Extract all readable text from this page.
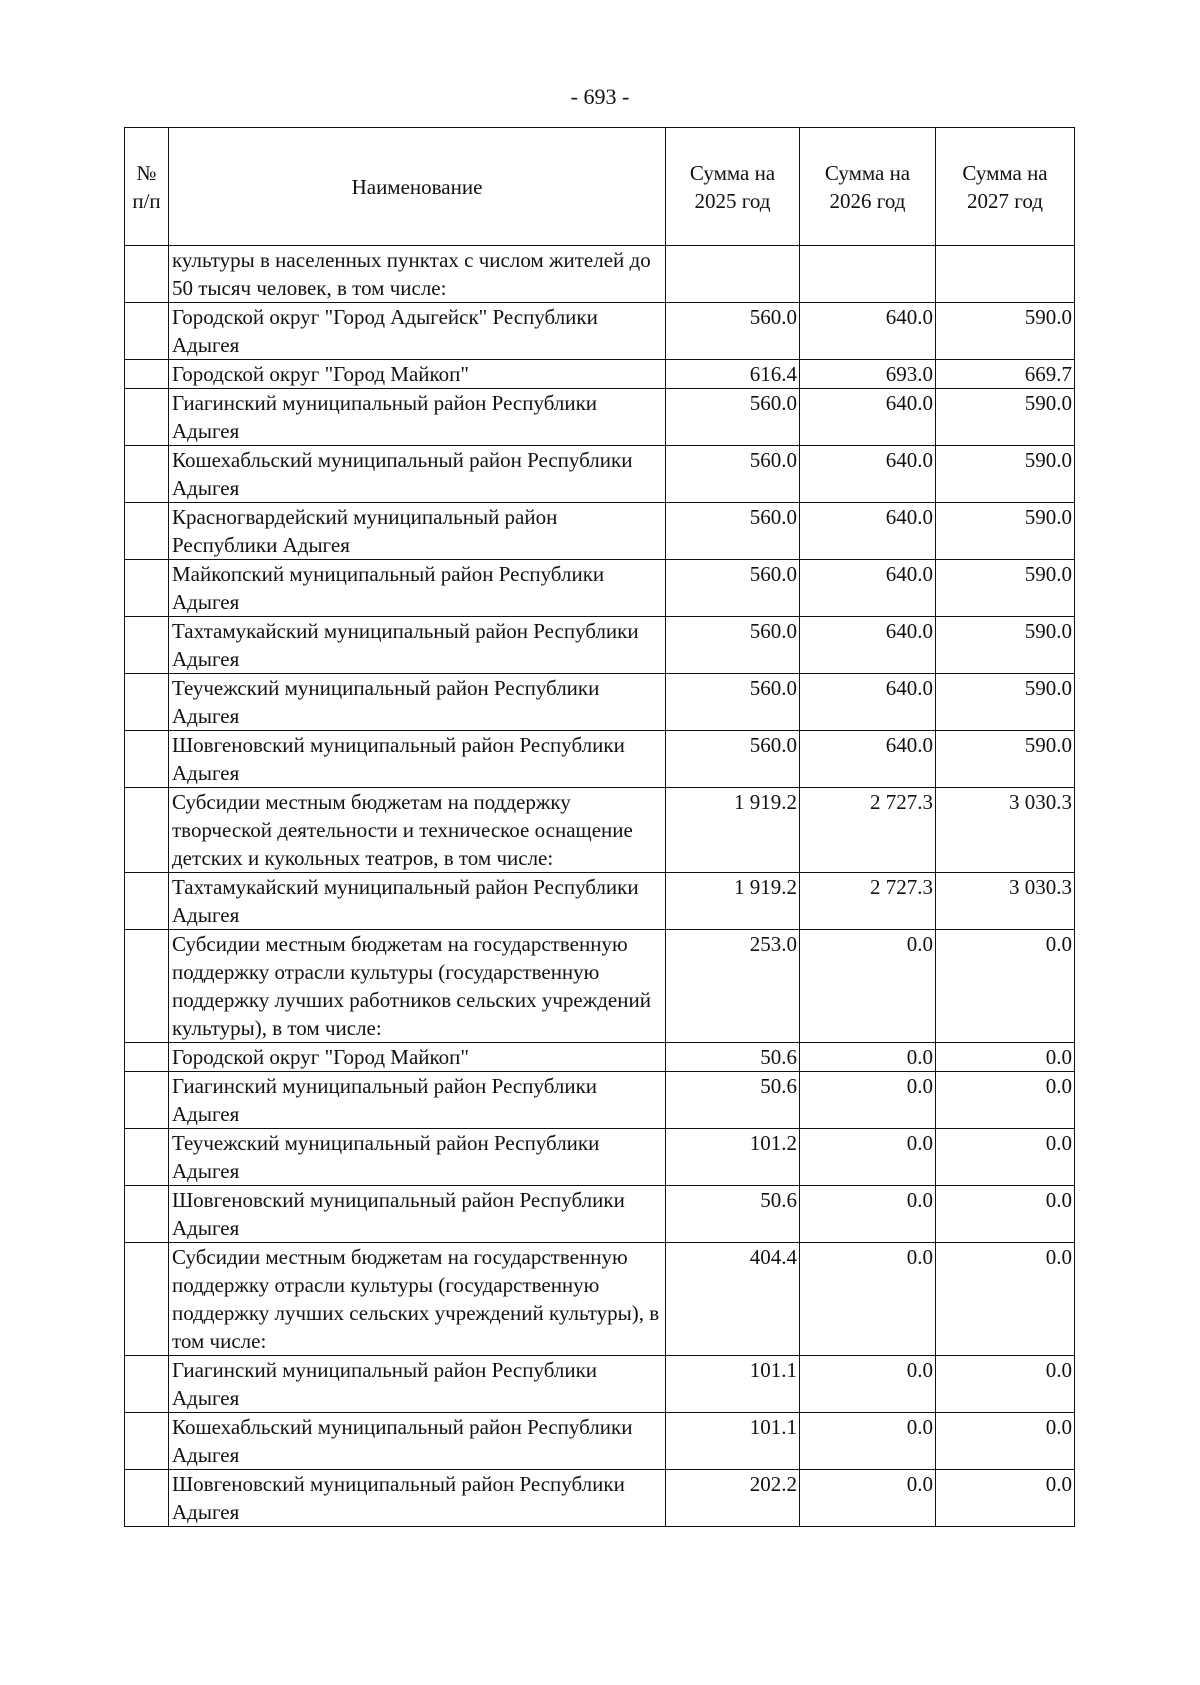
- 693 -
№ п/п	Наименование	Сумма на 2025 год	Сумма на 2026 год	Сумма на 2027 год
	культуры в населенных пунктах с числом жителей до 50 тысяч человек, в том числе:			
	Городской округ "Город Адыгейск" Республики Адыгея	560.0	640.0	590.0
	Городской округ "Город Майкоп"	616.4	693.0	669.7
	Гиагинский муниципальный район Республики Адыгея	560.0	640.0	590.0
	Кошехабльский муниципальный район Республики Адыгея	560.0	640.0	590.0
	Красногвардейский муниципальный район Республики Адыгея	560.0	640.0	590.0
	Майкопский муниципальный район Республики Адыгея	560.0	640.0	590.0
	Тахтамукайский муниципальный район Республики Адыгея	560.0	640.0	590.0
	Теучежский муниципальный район Республики Адыгея	560.0	640.0	590.0
	Шовгеновский муниципальный район Республики Адыгея	560.0	640.0	590.0
	Субсидии местным бюджетам на поддержку творческой деятельности и техническое оснащение детских и кукольных театров, в том числе:	1 919.2	2 727.3	3 030.3
	Тахтамукайский муниципальный район Республики Адыгея	1 919.2	2 727.3	3 030.3
	Субсидии местным бюджетам на государственную поддержку отрасли культуры (государственную поддержку лучших работников сельских учреждений культуры), в том числе:	253.0	0.0	0.0
	Городской округ "Город Майкоп"	50.6	0.0	0.0
	Гиагинский муниципальный район Республики Адыгея	50.6	0.0	0.0
	Теучежский муниципальный район Республики Адыгея	101.2	0.0	0.0
	Шовгеновский муниципальный район Республики Адыгея	50.6	0.0	0.0
	Субсидии местным бюджетам на государственную поддержку отрасли культуры (государственную поддержку лучших сельских учреждений культуры), в том числе:	404.4	0.0	0.0
	Гиагинский муниципальный район Республики Адыгея	101.1	0.0	0.0
	Кошехабльский муниципальный район Республики Адыгея	101.1	0.0	0.0
	Шовгеновский муниципальный район Республики Адыгея	202.2	0.0	0.0
